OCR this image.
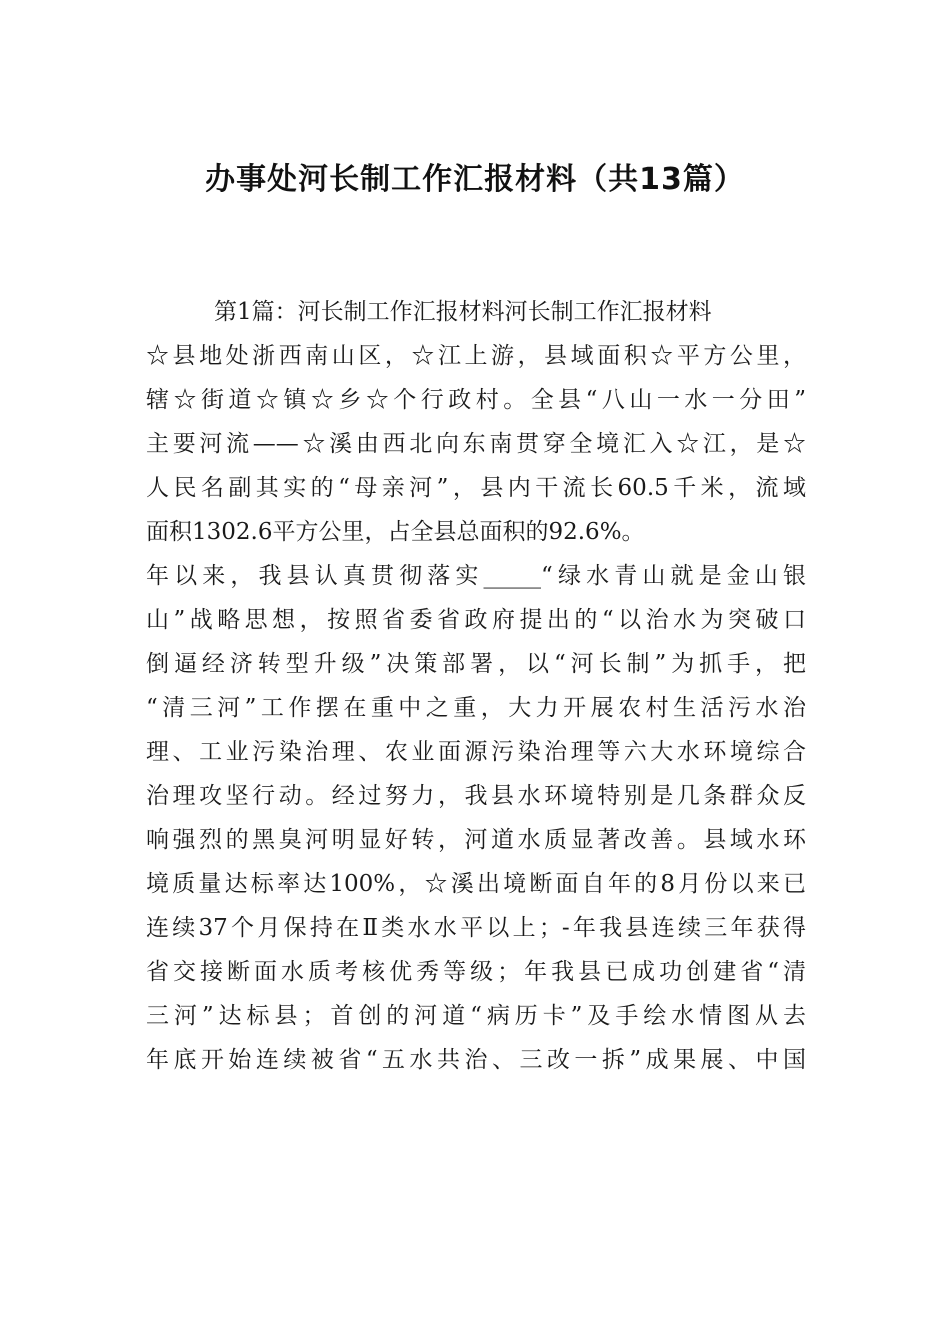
办事处河长制工作汇报材料（共13篇）
第1篇：河长制工作汇报材料河长制工作汇报材料
☆县地处浙西南山区，☆江上游，县域面积☆平方公里，
辖☆街道☆镇☆乡☆个行政村。全县“八山一水一分田”
主要河流——☆溪由西北向东南贯穿全境汇入☆江，是☆
人民名副其实的“母亲河”，县内干流长60.5千米，流域
面积1302.6平方公里，占全县总面积的92.6%。
年以来，我县认真贯彻落实_____“绿水青山就是金山银
山”战略思想，按照省委省政府提出的“以治水为突破口
倒逼经济转型升级”决策部署，以“河长制”为抓手，把
“清三河”工作摆在重中之重，大力开展农村生活污水治
理、工业污染治理、农业面源污染治理等六大水环境综合
治理攻坚行动。经过努力，我县水环境特别是几条群众反
响强烈的黑臭河明显好转，河道水质显著改善。县域水环
境质量达标率达100%，☆溪出境断面自年的8月份以来已
连续37个月保持在Ⅱ类水水平以上；-年我县连续三年获得
省交接断面水质考核优秀等级；年我县已成功创建省“清
三河”达标县；首创的河道“病历卡”及手绘水情图从去
年底开始连续被省“五水共治、三改一拆”成果展、中国
